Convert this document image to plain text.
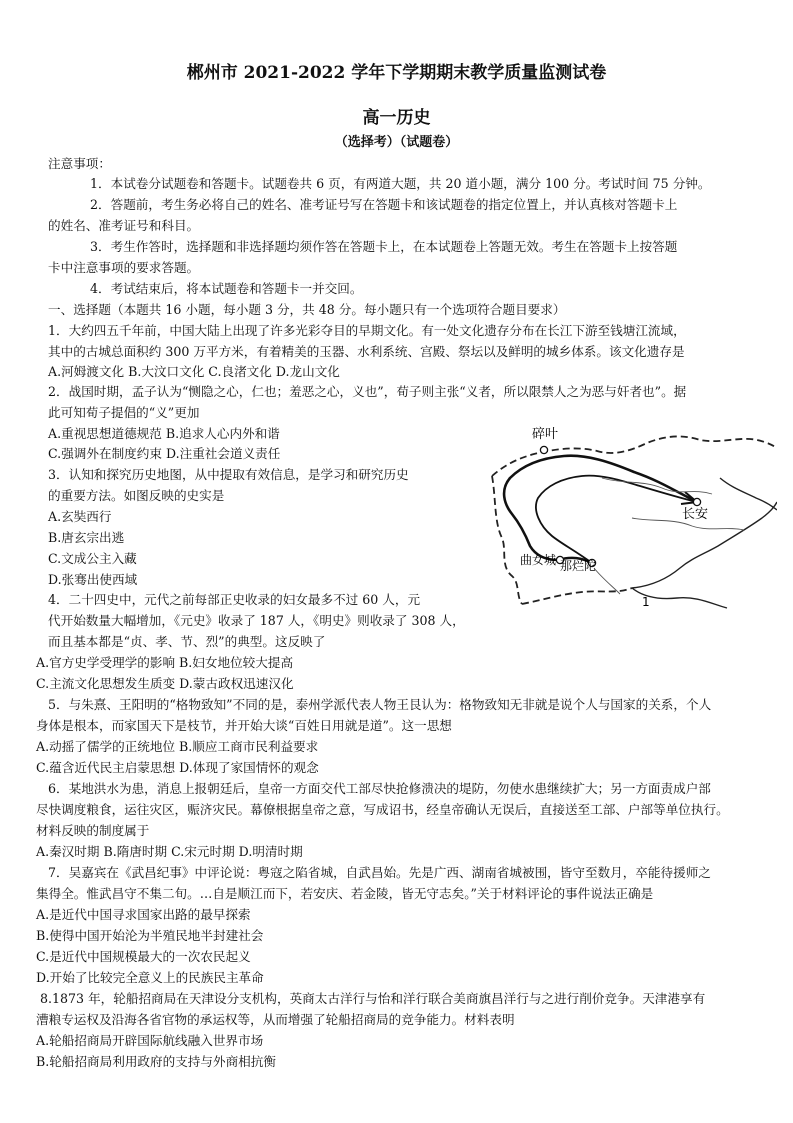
郴州市 2021-2022 学年下学期期末教学质量监测试卷
高一历史
（选择考）（试题卷）
注意事项：
1．本试卷分试题卷和答题卡。试题卷共 6 页，有两道大题，共 20 道小题，满分 100 分。考试时间 75 分钟。
2．答题前，考生务必将自己的姓名、准考证号写在答题卡和该试题卷的指定位置上，并认真核对答题卡上
的姓名、准考证号和科目。
3．考生作答时，选择题和非选择题均须作答在答题卡上，在本试题卷上答题无效。考生在答题卡上按答题
卡中注意事项的要求答题。
4．考试结束后，将本试题卷和答题卡一并交回。
一、选择题（本题共 16 小题，每小题 3 分，共 48 分。每小题只有一个选项符合题目要求）
1．大约四五千年前，中国大陆上出现了许多光彩夺目的早期文化。有一处文化遗存分布在长江下游至钱塘江流域，
其中的古城总面积约 300 万平方米，有着精美的玉器、水利系统、宫殿、祭坛以及鲜明的城乡体系。该文化遗存是
A.河姆渡文化 B.大汶口文化 C.良渚文化 D.龙山文化
2．战国时期，孟子认为“恻隐之心，仁也；羞恶之心，义也”，荀子则主张“义者，所以限禁人之为恶与奸者也”。据
此可知荀子提倡的“义”更加
A.重视思想道德规范 B.追求人心内外和谐
C.强调外在制度约束 D.注重社会道义责任
3．认知和探究历史地图，从中提取有效信息，是学习和研究历史
的重要方法。如图反映的史实是
A.玄奘西行
B.唐玄宗出逃
C.文成公主入藏
D.张骞出使西域
碎叶
长安
曲女城 那烂陀
1
4．二十四史中，元代之前每部正史收录的妇女最多不过 60 人，元
代开始数量大幅增加，《元史》收录了 187 人，《明史》则收录了 308 人，
而且基本都是“贞、孝、节、烈”的典型。这反映了
A.官方史学受理学的影响 B.妇女地位较大提高
C.主流文化思想发生质变 D.蒙古政权迅速汉化
5．与朱熹、王阳明的“格物致知”不同的是，泰州学派代表人物王艮认为：格物致知无非就是说个人与国家的关系，个人
身体是根本，而家国天下是枝节，并开始大谈“百姓日用就是道”。这一思想
A.动摇了儒学的正统地位 B.顺应工商市民利益要求
C.蕴含近代民主启蒙思想 D.体现了家国情怀的观念
6．某地洪水为患，消息上报朝廷后，皇帝一方面交代工部尽快抢修溃决的堤防，勿使水患继续扩大；另一方面责成户部
尽快调度粮食，运往灾区，赈济灾民。幕僚根据皇帝之意，写成诏书，经皇帝确认无误后，直接送至工部、户部等单位执行。
材料反映的制度属于
A.秦汉时期 B.隋唐时期 C.宋元时期 D.明清时期
7．吴嘉宾在《武昌纪事》中评论说：粤寇之陷省城，自武昌始。先是广西、湖南省城被围，皆守至数月，卒能待援师之
集得全。惟武昌守不集二旬。…自是顺江而下，若安庆、若金陵，皆无守志矣。”关于材料评论的事件说法正确是
A.是近代中国寻求国家出路的最早探索
B.使得中国开始沦为半殖民地半封建社会
C.是近代中国规模最大的一次农民起义
D.开始了比较完全意义上的民族民主革命
8.1873 年，轮船招商局在天津设分支机构，英商太古洋行与怡和洋行联合美商旗昌洋行与之进行削价竞争。天津港享有
漕粮专运权及沿海各省官物的承运权等，从而增强了轮船招商局的竞争能力。材料表明
A.轮船招商局开辟国际航线融入世界市场
B.轮船招商局利用政府的支持与外商相抗衡
